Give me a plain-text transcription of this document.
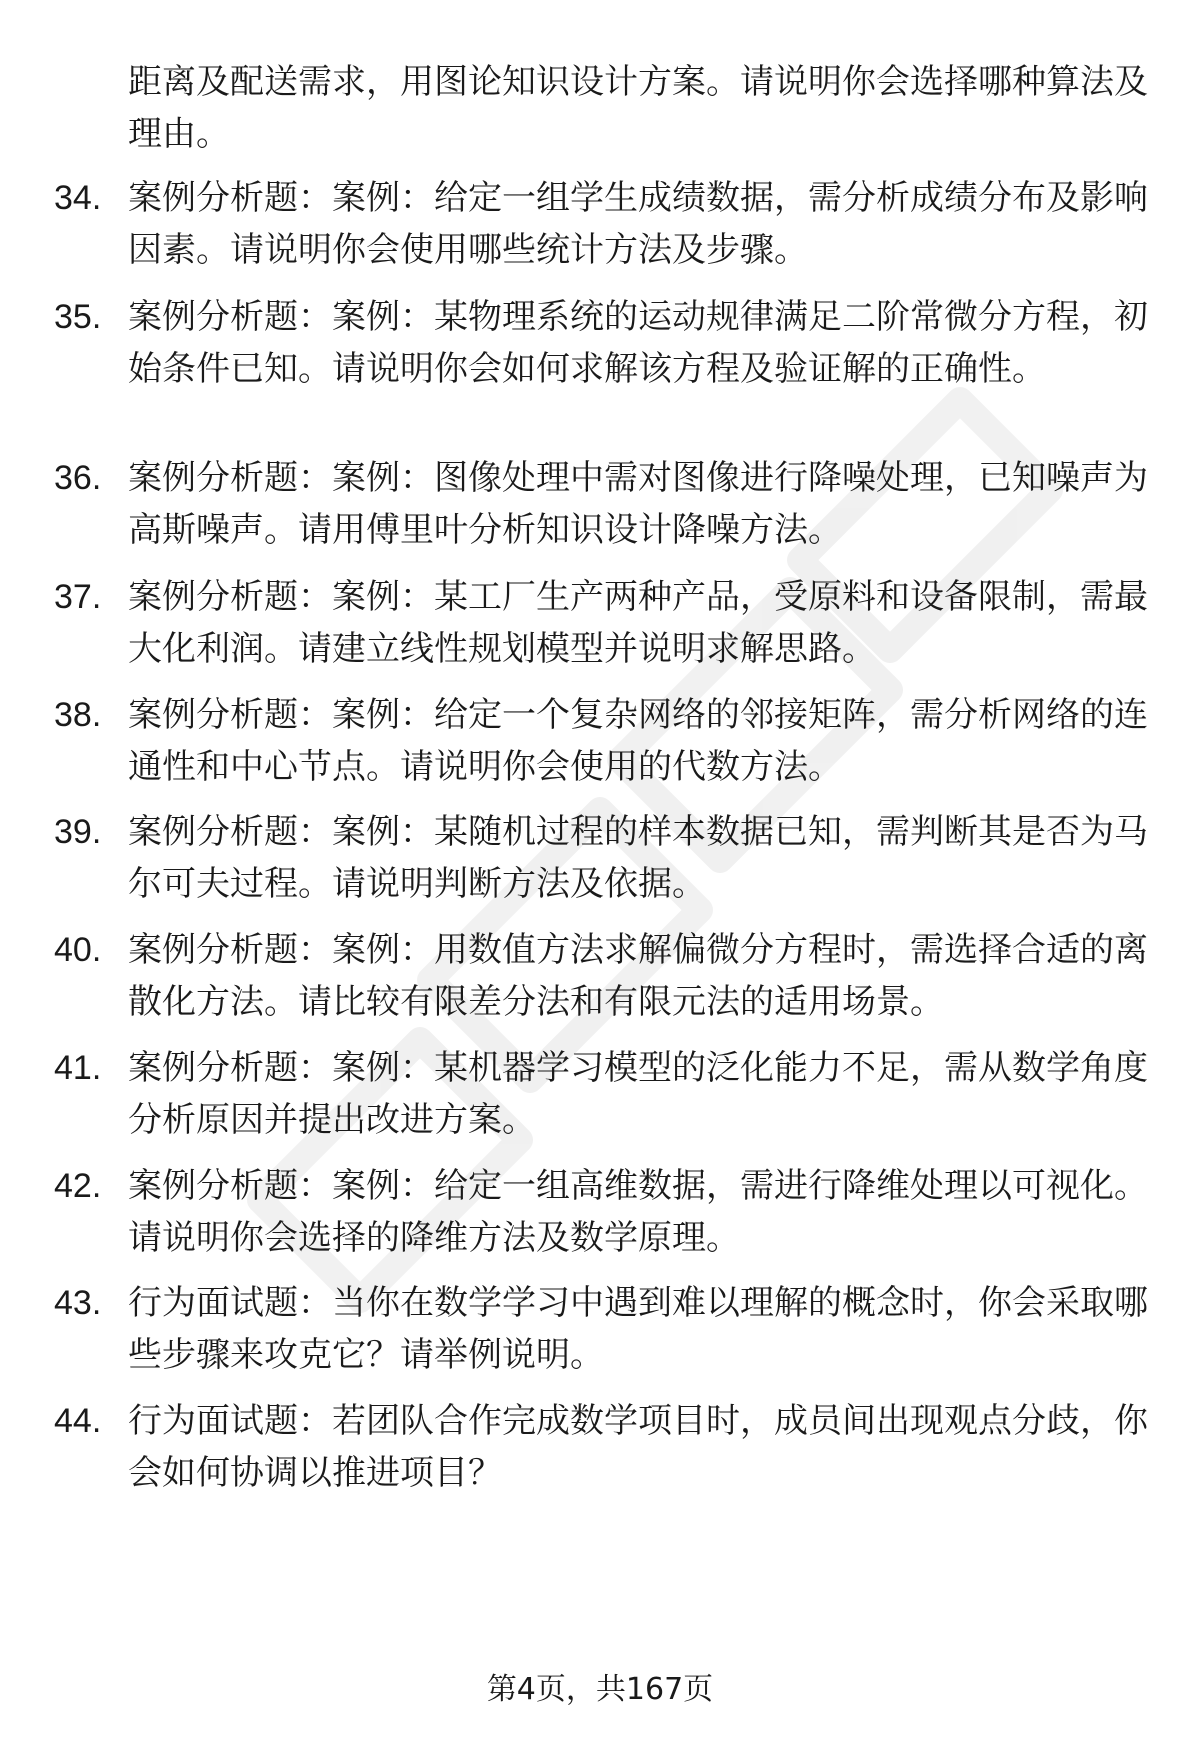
距离及配送需求，用图论知识设计方案。请说明你会选择哪种算法及理由。

34. 案例分析题：案例：给定一组学生成绩数据，需分析成绩分布及影响因素。请说明你会使用哪些统计方法及步骤。

35. 案例分析题：案例：某物理系统的运动规律满足二阶常微分方程，初始条件已知。请说明你会如何求解该方程及验证解的正确性。

36. 案例分析题：案例：图像处理中需对图像进行降噪处理，已知噪声为高斯噪声。请用傅里叶分析知识设计降噪方法。

37. 案例分析题：案例：某工厂生产两种产品，受原料和设备限制，需最大化利润。请建立线性规划模型并说明求解思路。

38. 案例分析题：案例：给定一个复杂网络的邻接矩阵，需分析网络的连通性和中心节点。请说明你会使用的代数方法。

39. 案例分析题：案例：某随机过程的样本数据已知，需判断其是否为马尔可夫过程。请说明判断方法及依据。

40. 案例分析题：案例：用数值方法求解偏微分方程时，需选择合适的离散化方法。请比较有限差分法和有限元法的适用场景。

41. 案例分析题：案例：某机器学习模型的泛化能力不足，需从数学角度分析原因并提出改进方案。

42. 案例分析题：案例：给定一组高维数据，需进行降维处理以可视化。请说明你会选择的降维方法及数学原理。

43. 行为面试题：当你在数学学习中遇到难以理解的概念时，你会采取哪些步骤来攻克它？请举例说明。

44. 行为面试题：若团队合作完成数学项目时，成员间出现观点分歧，你会如何协调以推进项目？

第4页，共167页
